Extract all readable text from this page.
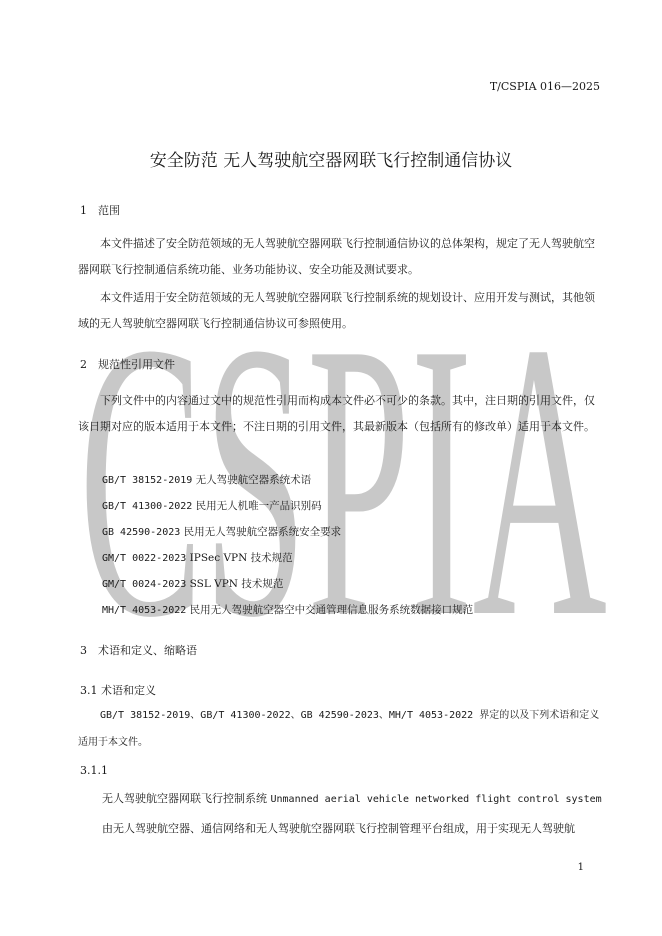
CSPIA
T/CSPIA 016—2025
安全防范 无人驾驶航空器网联飞行控制通信协议
1 范围
本文件描述了安全防范领域的无人驾驶航空器网联飞行控制通信协议的总体架构，规定了无人驾驶航空器网联飞行控制通信系统功能、业务功能协议、安全功能及测试要求。
本文件适用于安全防范领域的无人驾驶航空器网联飞行控制系统的规划设计、应用开发与测试，其他领域的无人驾驶航空器网联飞行控制通信协议可参照使用。
2 规范性引用文件
下列文件中的内容通过文中的规范性引用而构成本文件必不可少的条款。其中，注日期的引用文件，仅该日期对应的版本适用于本文件；不注日期的引用文件，其最新版本（包括所有的修改单）适用于本文件。
GB/T 38152-2019 无人驾驶航空器系统术语
GB/T 41300-2022 民用无人机唯一产品识别码
GB 42590-2023 民用无人驾驶航空器系统安全要求
GM/T 0022-2023 IPSec VPN 技术规范
GM/T 0024-2023 SSL VPN 技术规范
MH/T 4053-2022 民用无人驾驶航空器空中交通管理信息服务系统数据接口规范
3 术语和定义、缩略语
3.1 术语和定义
GB/T 38152-2019、GB/T 41300-2022、GB 42590-2023、MH/T 4053-2022 界定的以及下列术语和定义适用于本文件。
3.1.1
无人驾驶航空器网联飞行控制系统 Unmanned aerial vehicle networked flight control system
由无人驾驶航空器、通信网络和无人驾驶航空器网联飞行控制管理平台组成，用于实现无人驾驶航
1
